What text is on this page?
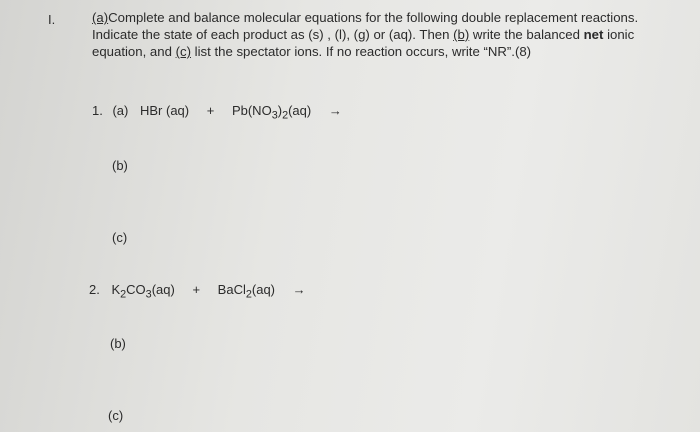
I.	(a)Complete and balance molecular equations for the following double replacement reactions. Indicate the state of each product as (s) , (l), (g) or (aq). Then (b) write the balanced net ionic equation, and (c) list the spectator ions. If no reaction occurs, write “NR”.(8)
1. (a) HBr $(aq) + Pb(NO_3)_2(aq)$ →
(b)
(c)
2. $K_2CO_3(aq)$ + BaCl$_2$(aq) →
(b)
(c)
